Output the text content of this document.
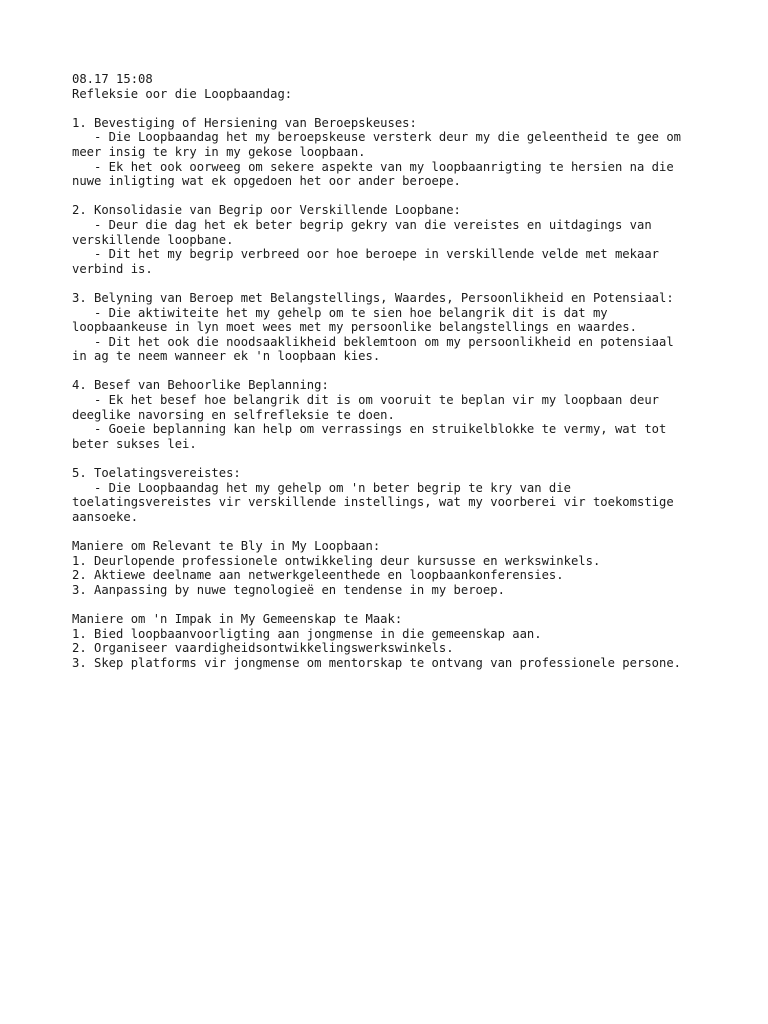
08.17 15:08
Refleksie oor die Loopbaandag:
1. Bevestiging of Hersiening van Beroepskeuses:
- Die Loopbaandag het my beroepskeuse versterk deur my die geleentheid te gee om
meer insig te kry in my gekose loopbaan.
- Ek het ook oorweeg om sekere aspekte van my loopbaanrigting te hersien na die
nuwe inligting wat ek opgedoen het oor ander beroepe.
2. Konsolidasie van Begrip oor Verskillende Loopbane:
- Deur die dag het ek beter begrip gekry van die vereistes en uitdagings van
verskillende loopbane.
- Dit het my begrip verbreed oor hoe beroepe in verskillende velde met mekaar
verbind is.
3. Belyning van Beroep met Belangstellings, Waardes, Persoonlikheid en Potensiaal:
- Die aktiwiteite het my gehelp om te sien hoe belangrik dit is dat my
loopbaankeuse in lyn moet wees met my persoonlike belangstellings en waardes.
- Dit het ook die noodsaaklikheid beklemtoon om my persoonlikheid en potensiaal
in ag te neem wanneer ek 'n loopbaan kies.
4. Besef van Behoorlike Beplanning:
- Ek het besef hoe belangrik dit is om vooruit te beplan vir my loopbaan deur
deeglike navorsing en selfrefleksie te doen.
- Goeie beplanning kan help om verrassings en struikelblokke te vermy, wat tot
beter sukses lei.
5. Toelatingsvereistes:
- Die Loopbaandag het my gehelp om 'n beter begrip te kry van die
toelatingsvereistes vir verskillende instellings, wat my voorberei vir toekomstige
aansoeke.
Maniere om Relevant te Bly in My Loopbaan:
1. Deurlopende professionele ontwikkeling deur kursusse en werkswinkels.
2. Aktiewe deelname aan netwerkgeleenthede en loopbaankonferensies.
3. Aanpassing by nuwe tegnologieë en tendense in my beroep.
Maniere om 'n Impak in My Gemeenskap te Maak:
1. Bied loopbaanvoorligting aan jongmense in die gemeenskap aan.
2. Organiseer vaardigheidsontwikkelingswerkswinkels.
3. Skep platforms vir jongmense om mentorskap te ontvang van professionele persone.
